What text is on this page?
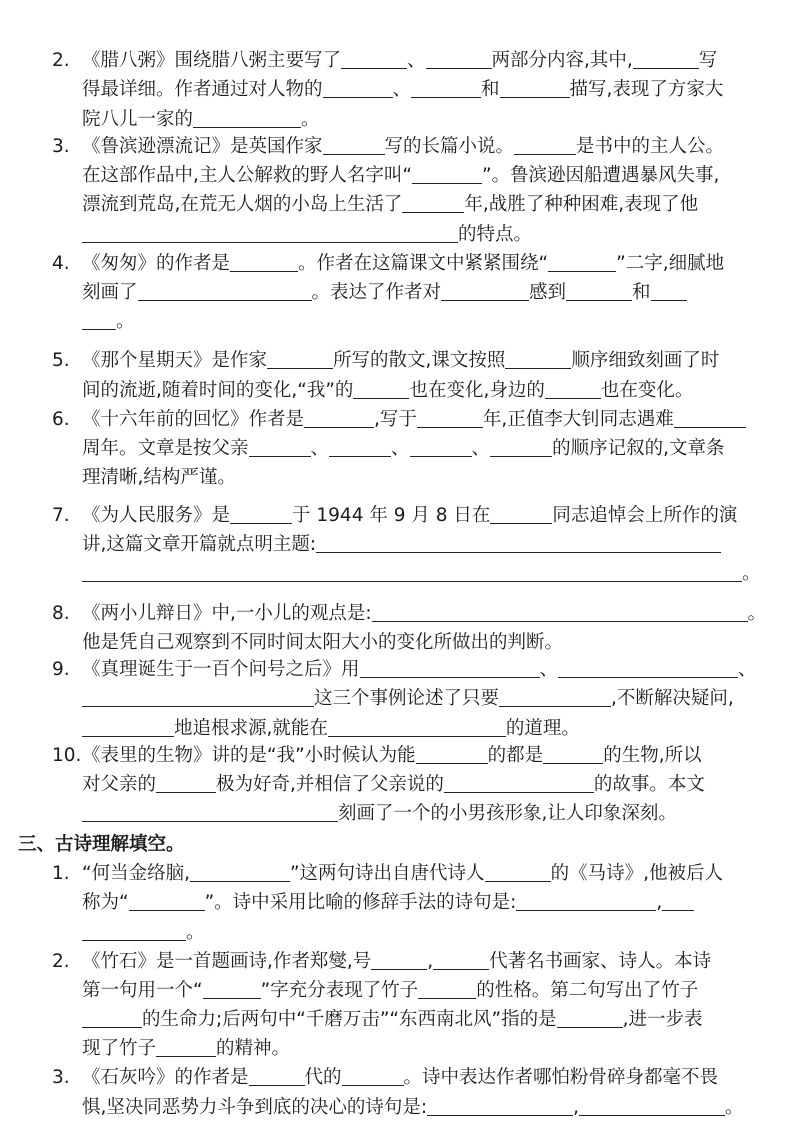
2. 《腊八粥》围绕腊八粥主要写了	、	两部分内容,其中,	写
得最详细。作者通过对人物的	、	和	描写,表现了方家大
院八儿一家的	。
3. 《鲁滨逊漂流记》是英国作家	写的长篇小说。	是书中的主人公。
在这部作品中,主人公解救的野人名字叫“	”。鲁滨逊因船遭遇暴风失事,
漂流到荒岛,在荒无人烟的小岛上生活了	年,战胜了种种困难,表现了他
的特点。
4. 《匆匆》的作者是	。作者在这篇课文中紧紧围绕“	”二字,细腻地
刻画了	。表达了作者对	感到	和
。
5. 《那个星期天》是作家	所写的散文,课文按照	顺序细致刻画了时
间的流逝,随着时间的变化,“我”的	也在变化,身边的	也在变化。
6. 《十六年前的回忆》作者是	,写于	年,正值李大钊同志遇难
周年。文章是按父亲	、	、	、	的顺序记叙的,文章条
理清晰,结构严谨。
7. 《为人民服务》是	于 1944 年 9 月 8 日在	同志追悼会上所作的演
讲,这篇文章开篇就点明主题:
。
8. 《两小儿辩日》中,一小儿的观点是:	。
他是凭自己观察到不同时间太阳大小的变化所做出的判断。
9. 《真理诞生于一百个问号之后》用	、	、
这三个事例论述了只要	,不断解决疑问,
地追根求源,就能在	的道理。
10.《表里的生物》讲的是“我”小时候认为能	的都是	的生物,所以
对父亲的	极为好奇,并相信了父亲说的	的故事。本文
刻画了一个的小男孩形象,让人印象深刻。
三、古诗理解填空。
1. “何当金络脑,	”这两句诗出自唐代诗人	的《马诗》,他被后人
称为“	”。诗中采用比喻的修辞手法的诗句是:	,
。
2. 《竹石》是一首题画诗,作者郑燮,号	,	代著名书画家、诗人。本诗
第一句用一个“	”字充分表现了竹子	的性格。第二句写出了竹子
的生命力;后两句中“千磨万击”“东西南北风”指的是	,进一步表
现了竹子	的精神。
3. 《石灰吟》的作者是	代的	。诗中表达作者哪怕粉骨碎身都毫不畏
惧,坚决同恶势力斗争到底的决心的诗句是:	,	。
